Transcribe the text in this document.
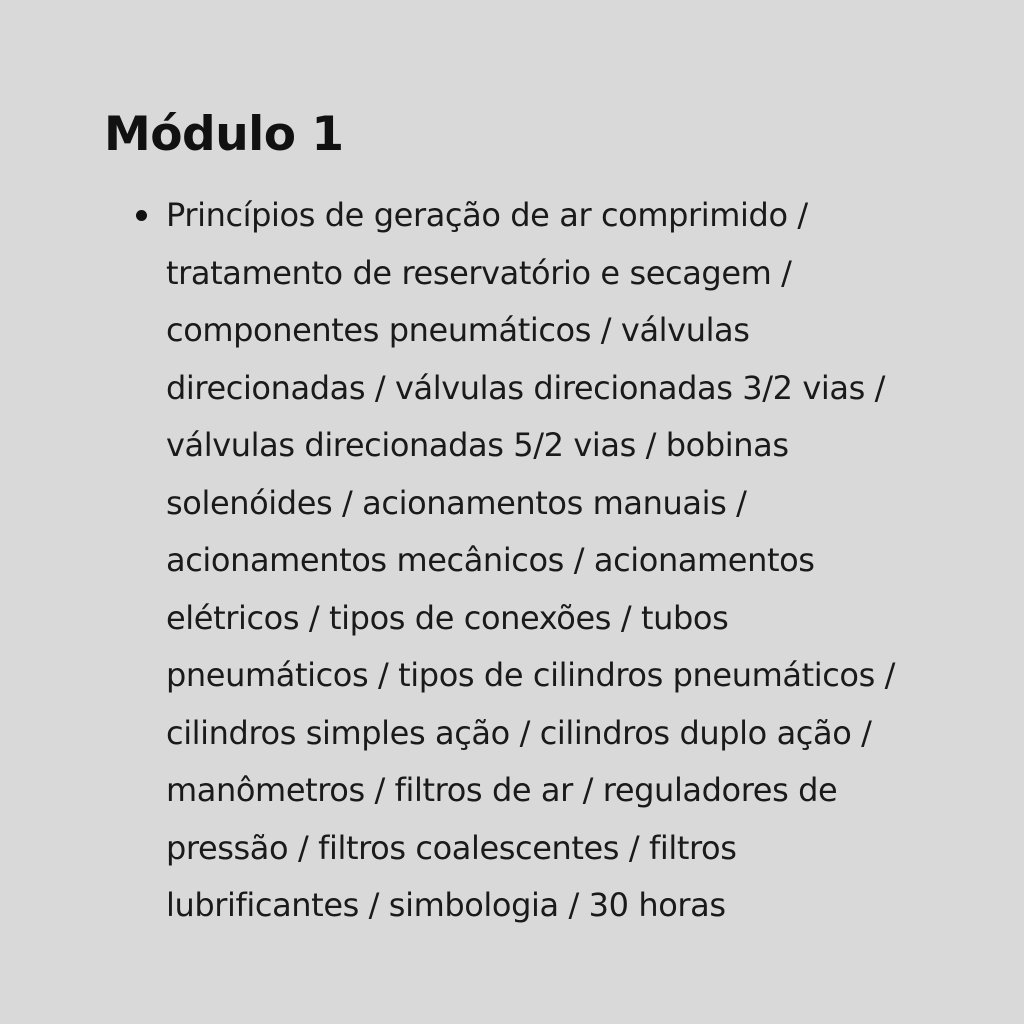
Módulo 1
Princípios de geração de ar comprimido /
tratamento de reservatório e secagem /
componentes pneumáticos / válvulas
direcionadas / válvulas direcionadas 3/2 vias /
válvulas direcionadas 5/2 vias / bobinas
solenóides / acionamentos manuais /
acionamentos mecânicos / acionamentos
elétricos / tipos de conexões / tubos
pneumáticos / tipos de cilindros pneumáticos /
cilindros simples ação / cilindros duplo ação /
manômetros / filtros de ar / reguladores de
pressão / filtros coalescentes / filtros
lubrificantes / simbologia / 30 horas
